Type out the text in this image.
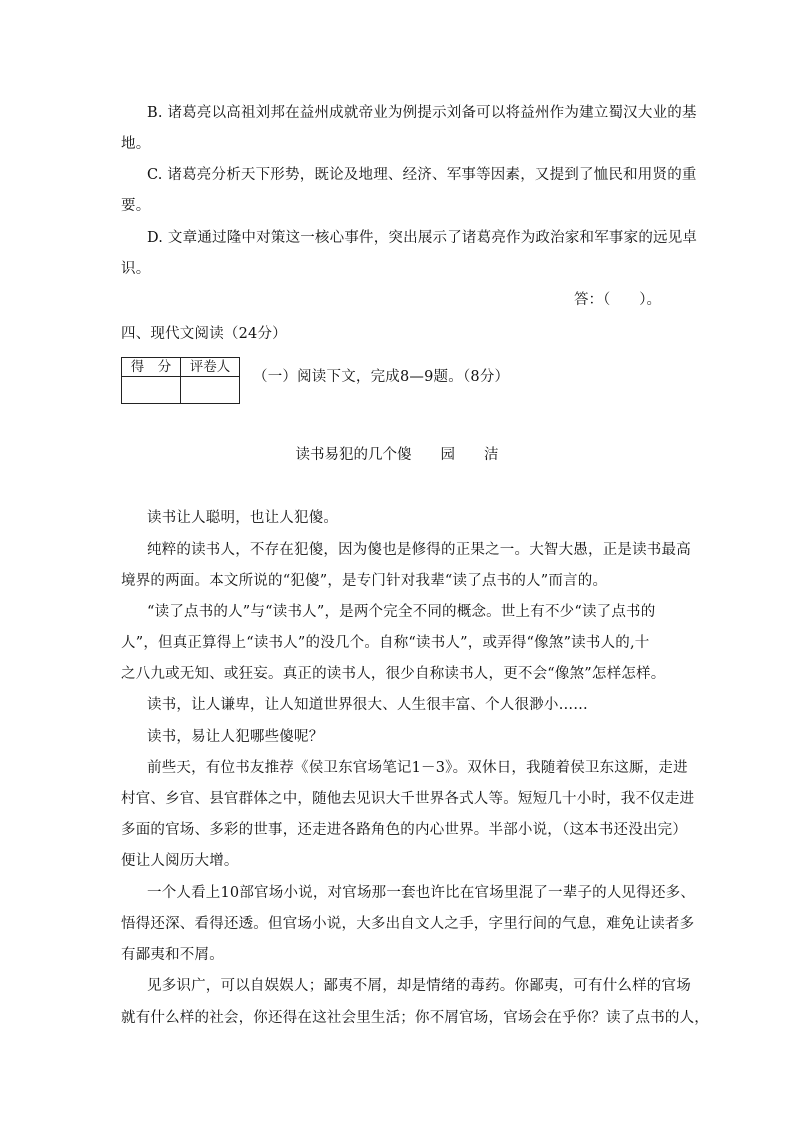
B. 诸葛亮以高祖刘邦在益州成就帝业为例提示刘备可以将益州作为建立蜀汉大业的基
地。
C. 诸葛亮分析天下形势，既论及地理、经济、军事等因素，又提到了恤民和用贤的重
要。
D. 文章通过隆中对策这一核心事件，突出展示了诸葛亮作为政治家和军事家的远见卓
识。
答：（　　）。
四、现代文阅读（24分）
得　分	评卷人

（一）阅读下文，完成8—9题。（8分）
读书易犯的几个傻　　园　　洁
读书让人聪明，也让人犯傻。
纯粹的读书人，不存在犯傻，因为傻也是修得的正果之一。大智大愚，正是读书最高
境界的两面。本文所说的“犯傻”，是专门针对我辈“读了点书的人”而言的。
“读了点书的人”与“读书人”，是两个完全不同的概念。世上有不少“读了点书的
人”，但真正算得上“读书人”的没几个。自称“读书人”，或弄得“像煞”读书人的,十
之八九或无知、或狂妄。真正的读书人，很少自称读书人，更不会“像煞”怎样怎样。
读书，让人谦卑，让人知道世界很大、人生很丰富、个人很渺小……
读书，易让人犯哪些傻呢？
前些天，有位书友推荐《侯卫东官场笔记1－3》。双休日，我随着侯卫东这厮，走进
村官、乡官、县官群体之中，随他去见识大千世界各式人等。短短几十小时，我不仅走进
多面的官场、多彩的世事，还走进各路角色的内心世界。半部小说，（这本书还没出完）
便让人阅历大增。
一个人看上10部官场小说，对官场那一套也许比在官场里混了一辈子的人见得还多、
悟得还深、看得还透。但官场小说，大多出自文人之手，字里行间的气息，难免让读者多
有鄙夷和不屑。
见多识广，可以自娱娱人；鄙夷不屑，却是情绪的毒药。你鄙夷，可有什么样的官场
就有什么样的社会，你还得在这社会里生活；你不屑官场，官场会在乎你？读了点书的人，
